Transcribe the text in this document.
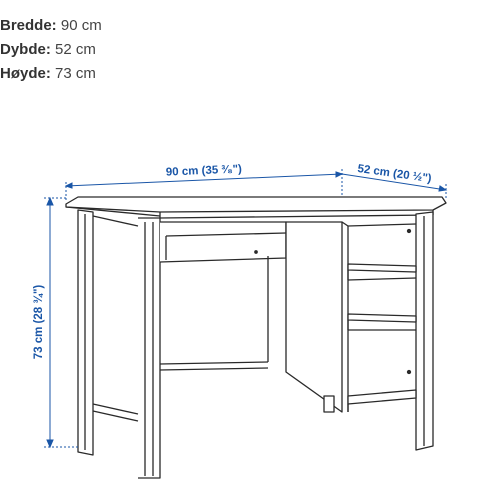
Bredde: 90 cm
Dybde: 52 cm
Høyde: 73 cm
90 cm (35 ³⁄₈")	52 cm (20 ½")
73 cm (28 ¾")
